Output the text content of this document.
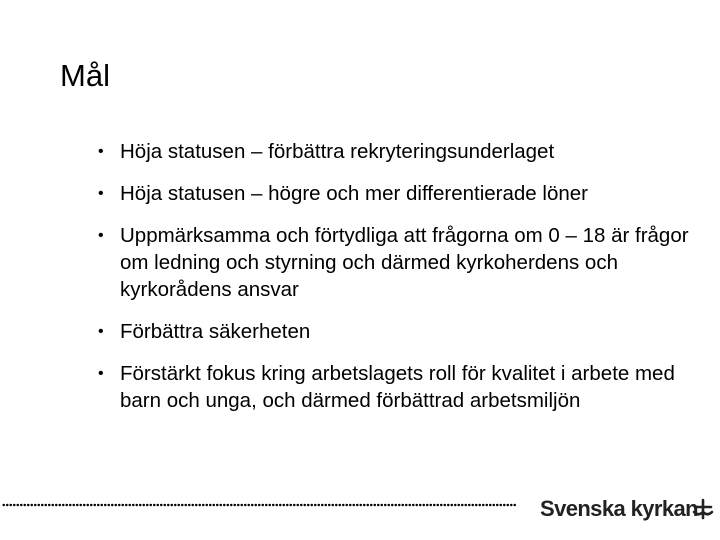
Mål
• Höja statusen – förbättra rekryteringsunderlaget
• Höja statusen – högre och mer differentierade löner
• Uppmärksamma och förtydliga att frågorna om 0 – 18 är frågor om ledning och styrning och därmed kyrkoherdens och kyrkorådens ansvar
• Förbättra säkerheten
• Förstärkt fokus kring arbetslagets roll för kvalitet i arbete med barn och unga, och därmed förbättrad arbetsmiljön
Svenska kyrkan
